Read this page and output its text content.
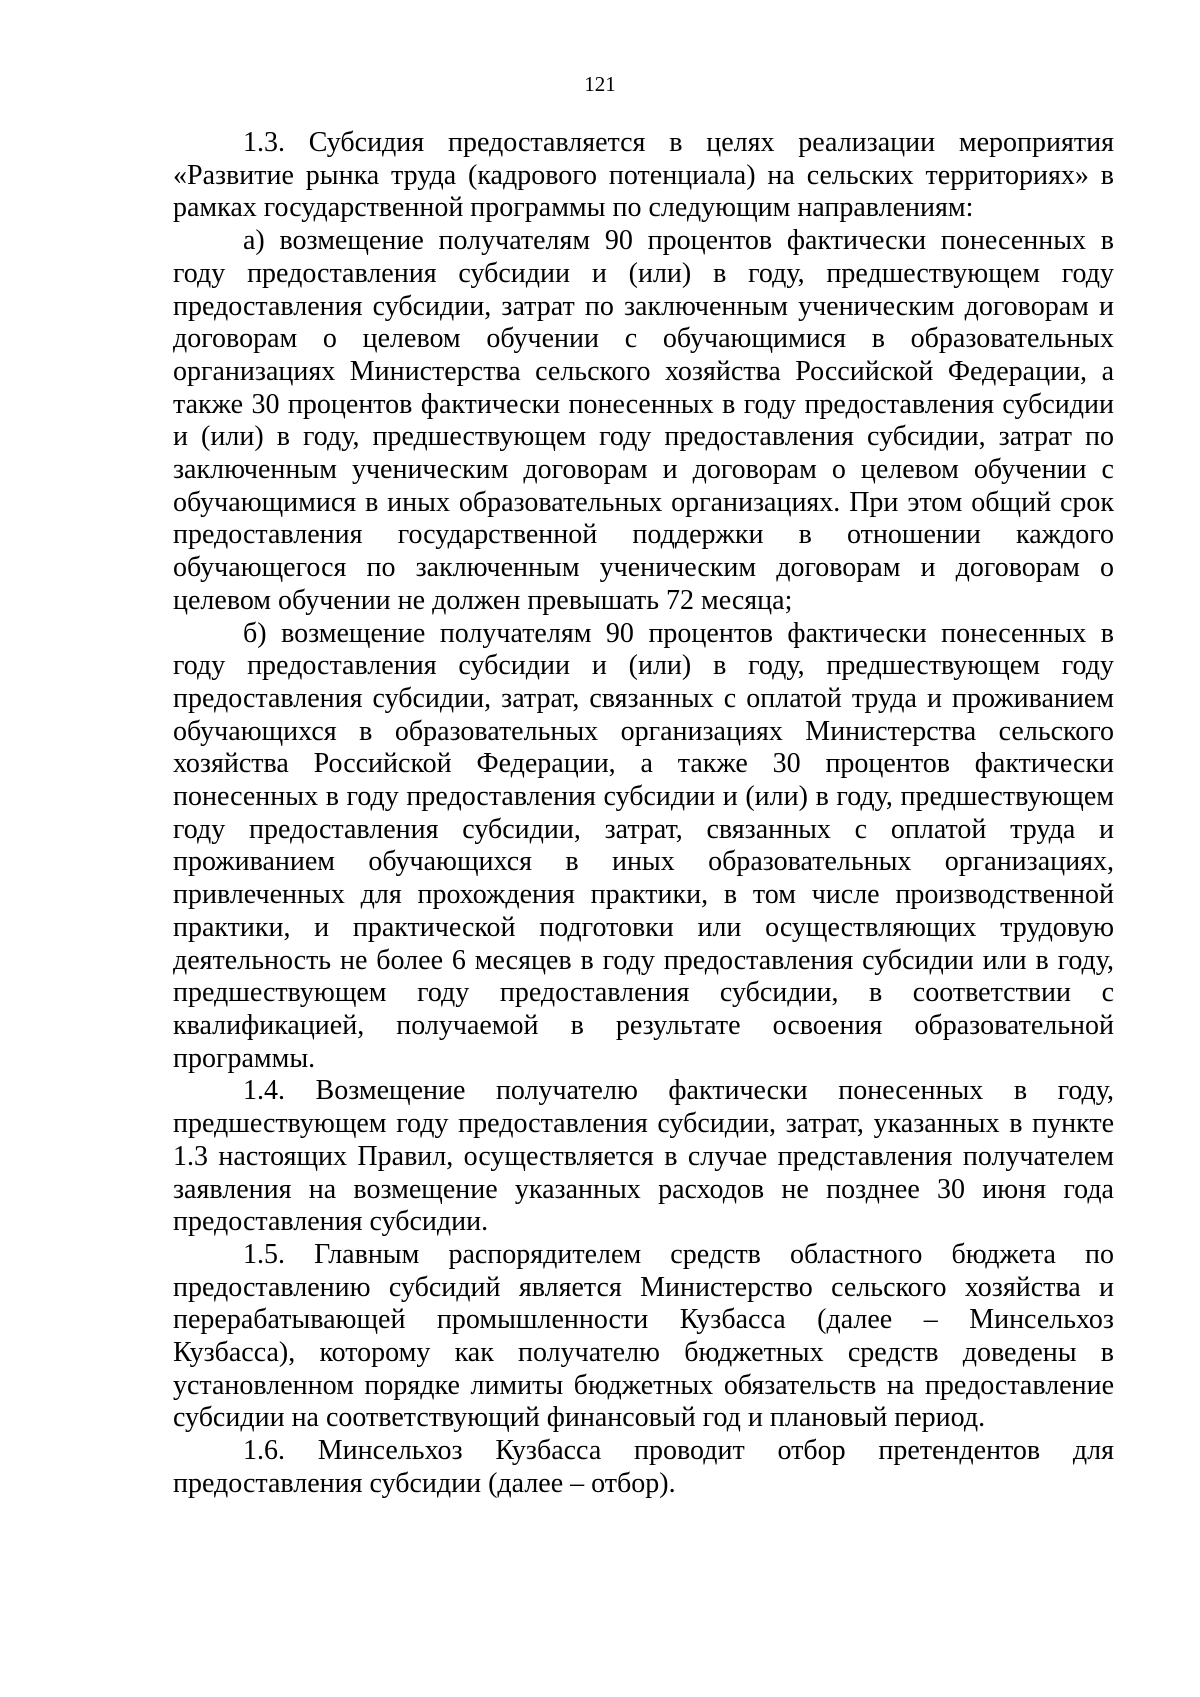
121

1.3. Субсидия предоставляется в целях реализации мероприятия «Развитие рынка труда (кадрового потенциала) на сельских территориях» в рамках государственной программы по следующим направлениям:

а) возмещение получателям 90 процентов фактически понесенных в году предоставления субсидии и (или) в году, предшествующем году предоставления субсидии, затрат по заключенным ученическим договорам и договорам о целевом обучении с обучающимися в образовательных организациях Министерства сельского хозяйства Российской Федерации, а также 30 процентов фактически понесенных в году предоставления субсидии и (или) в году, предшествующем году предоставления субсидии, затрат по заключенным ученическим договорам и договорам о целевом обучении с обучающимися в иных образовательных организациях. При этом общий срок предоставления государственной поддержки в отношении каждого обучающегося по заключенным ученическим договорам и договорам о целевом обучении не должен превышать 72 месяца;

б) возмещение получателям 90 процентов фактически понесенных в году предоставления субсидии и (или) в году, предшествующем году предоставления субсидии, затрат, связанных с оплатой труда и проживанием обучающихся в образовательных организациях Министерства сельского хозяйства Российской Федерации, а также 30 процентов фактически понесенных в году предоставления субсидии и (или) в году, предшествующем году предоставления субсидии, затрат, связанных с оплатой труда и проживанием обучающихся в иных образовательных организациях, привлеченных для прохождения практики, в том числе производственной практики, и практической подготовки или осуществляющих трудовую деятельность не более 6 месяцев в году предоставления субсидии или в году, предшествующем году предоставления субсидии, в соответствии с квалификацией, получаемой в результате освоения образовательной программы.

1.4. Возмещение получателю фактически понесенных в году, предшествующем году предоставления субсидии, затрат, указанных в пункте 1.3 настоящих Правил, осуществляется в случае представления получателем заявления на возмещение указанных расходов не позднее 30 июня года предоставления субсидии.

1.5. Главным распорядителем средств областного бюджета по предоставлению субсидий является Министерство сельского хозяйства и перерабатывающей промышленности Кузбасса (далее – Минсельхоз Кузбасса), которому как получателю бюджетных средств доведены в установленном порядке лимиты бюджетных обязательств на предоставление субсидии на соответствующий финансовый год и плановый период.

1.6. Минсельхоз Кузбасса проводит отбор претендентов для предоставления субсидии (далее – отбор).
